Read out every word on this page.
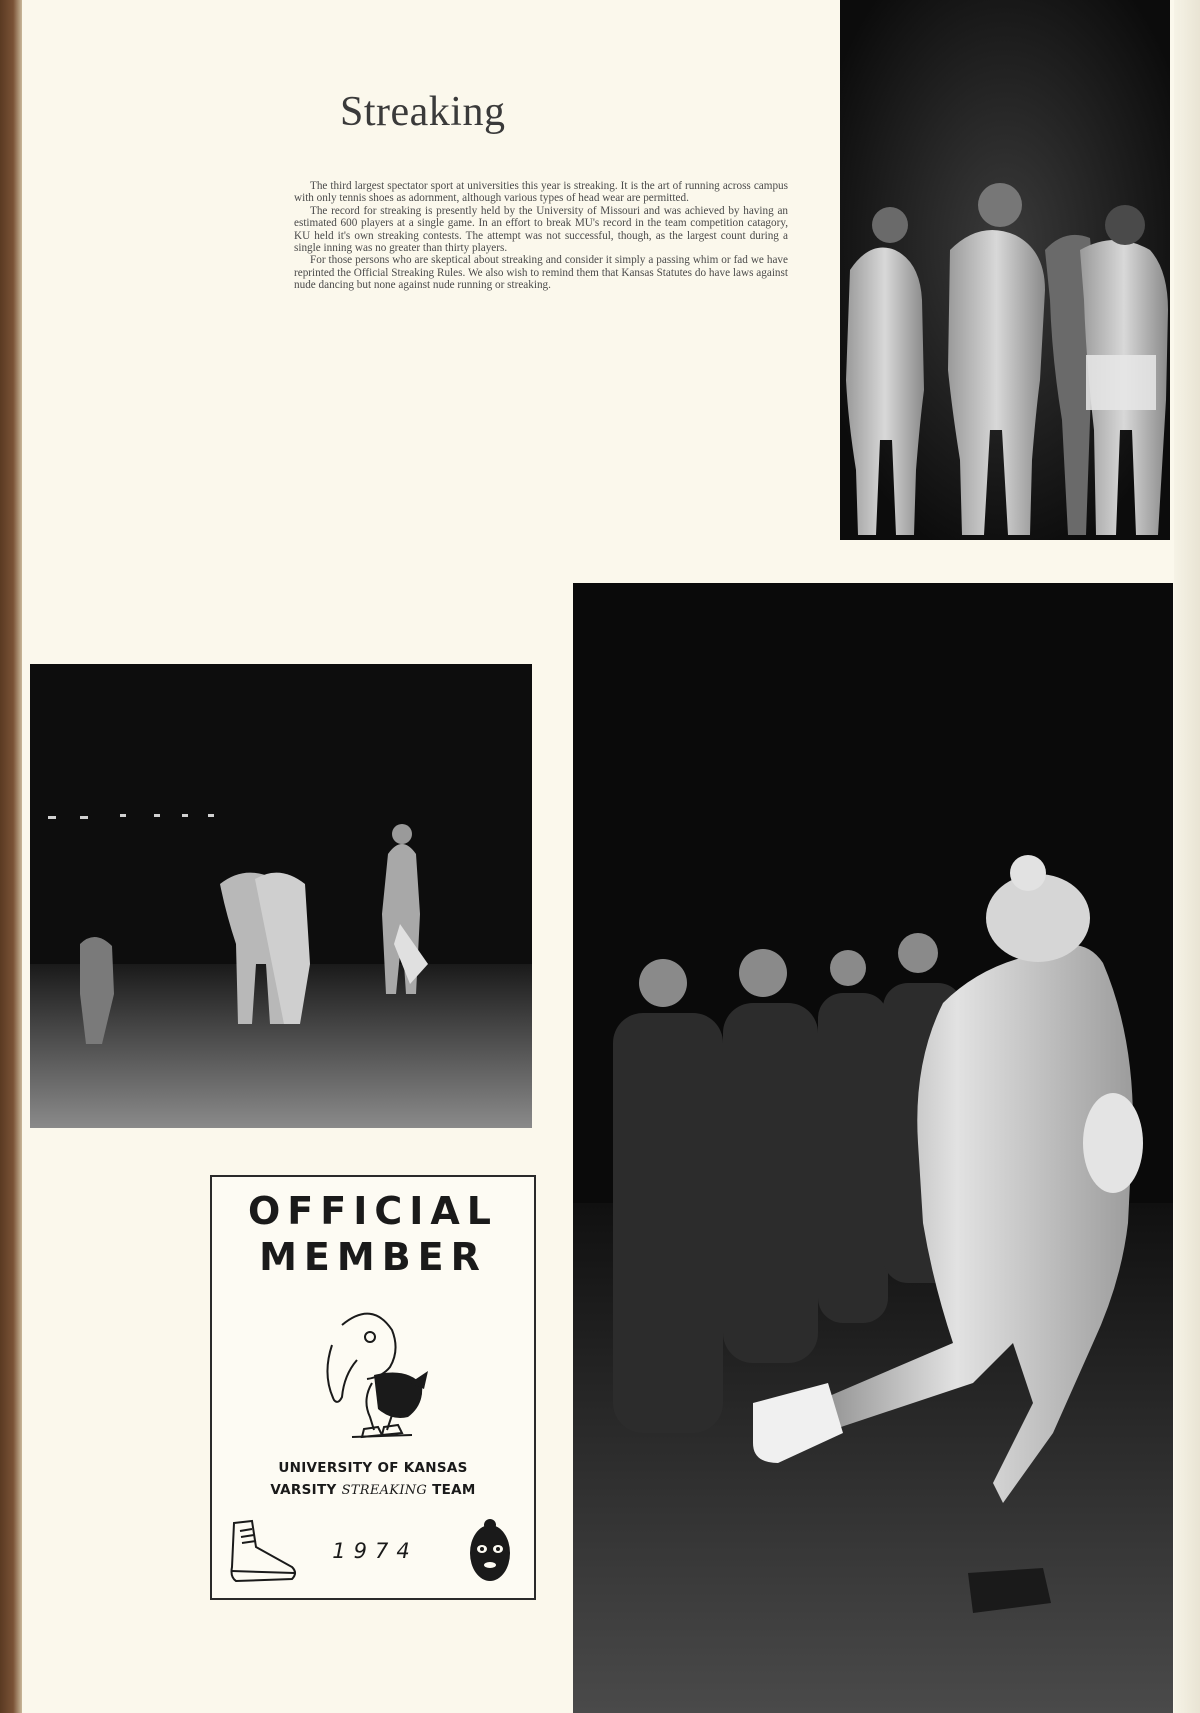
Streaking

The third largest spectator sport at universities this year is streaking. It is the art of running across campus with only tennis shoes as adornment, although various types of head wear are permitted.

The record for streaking is presently held by the University of Missouri and was achieved by having an estimated 600 players at a single game. In an effort to break MU's record in the team competition catagory, KU held it's own streaking contests. The attempt was not successful, though, as the largest count during a single inning was no greater than thirty players.

For those persons who are skeptical about streaking and consider it simply a passing whim or fad we have reprinted the Official Streaking Rules. We also wish to remind them that Kansas Statutes do have laws against nude dancing but none against nude running or streaking.

OFFICIAL
MEMBER
UNIVERSITY OF KANSAS
VARSITY STREAKING TEAM
1974
